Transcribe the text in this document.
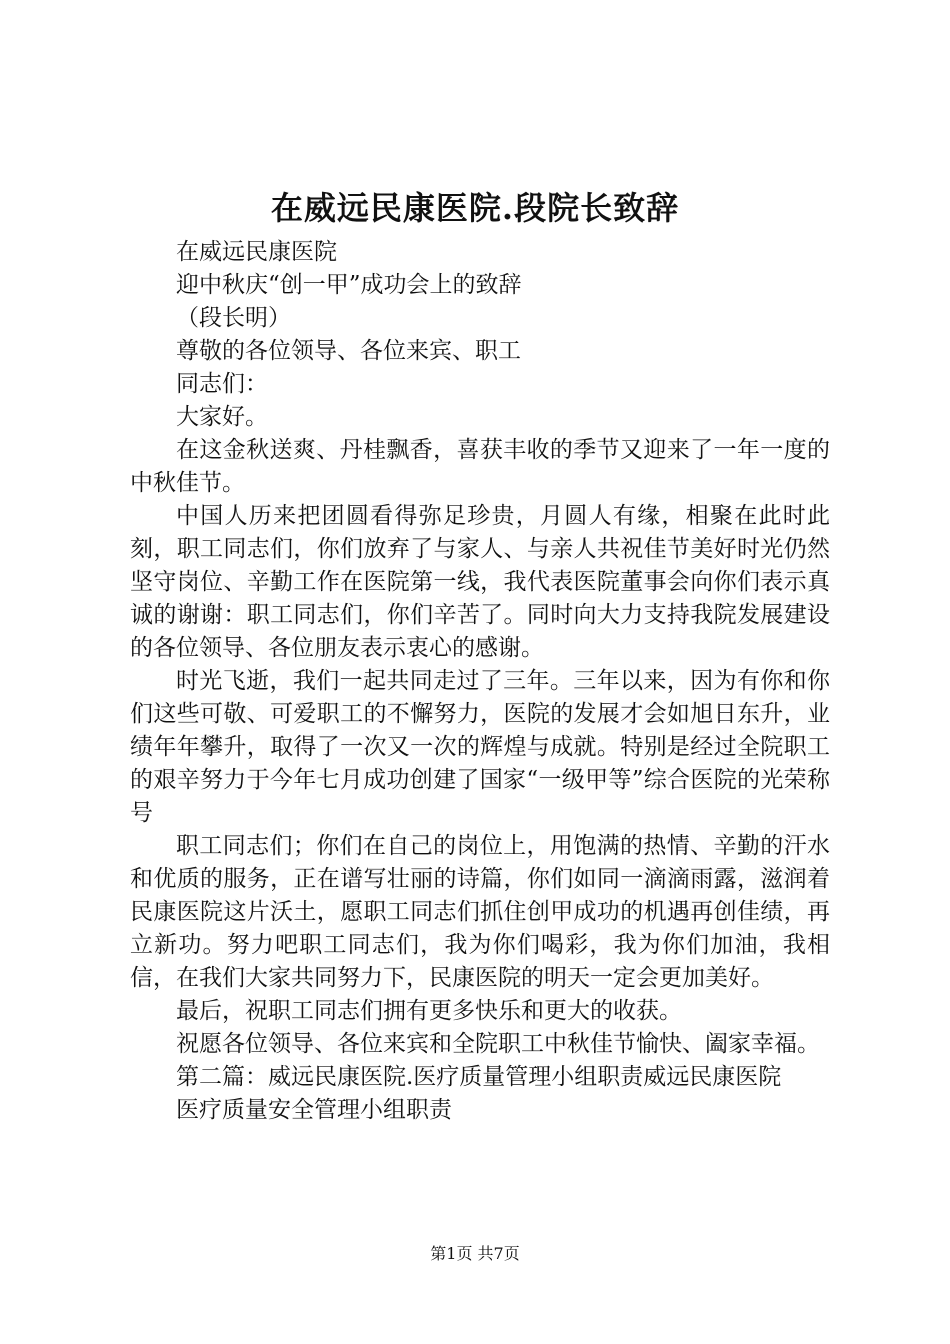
在威远民康医院.段院长致辞

在威远民康医院

迎中秋庆“创一甲”成功会上的致辞

（段长明）

尊敬的各位领导、各位来宾、职工

同志们：

大家好。

在这金秋送爽、丹桂飘香，喜获丰收的季节又迎来了一年一度的中秋佳节。

中国人历来把团圆看得弥足珍贵，月圆人有缘，相聚在此时此刻，职工同志们，你们放弃了与家人、与亲人共祝佳节美好时光仍然坚守岗位、辛勤工作在医院第一线，我代表医院董事会向你们表示真诚的谢谢：职工同志们，你们辛苦了。同时向大力支持我院发展建设的各位领导、各位朋友表示衷心的感谢。

时光飞逝，我们一起共同走过了三年。三年以来，因为有你和你们这些可敬、可爱职工的不懈努力，医院的发展才会如旭日东升，业绩年年攀升，取得了一次又一次的辉煌与成就。特别是经过全院职工的艰辛努力于今年七月成功创建了国家“一级甲等”综合医院的光荣称号

职工同志们；你们在自己的岗位上，用饱满的热情、辛勤的汗水和优质的服务，正在谱写壮丽的诗篇，你们如同一滴滴雨露，滋润着民康医院这片沃土，愿职工同志们抓住创甲成功的机遇再创佳绩，再立新功。努力吧职工同志们，我为你们喝彩，我为你们加油，我相信，在我们大家共同努力下，民康医院的明天一定会更加美好。

最后，祝职工同志们拥有更多快乐和更大的收获。

祝愿各位领导、各位来宾和全院职工中秋佳节愉快、阖家幸福。

第二篇：威远民康医院.医疗质量管理小组职责威远民康医院

医疗质量安全管理小组职责

第1页 共7页
